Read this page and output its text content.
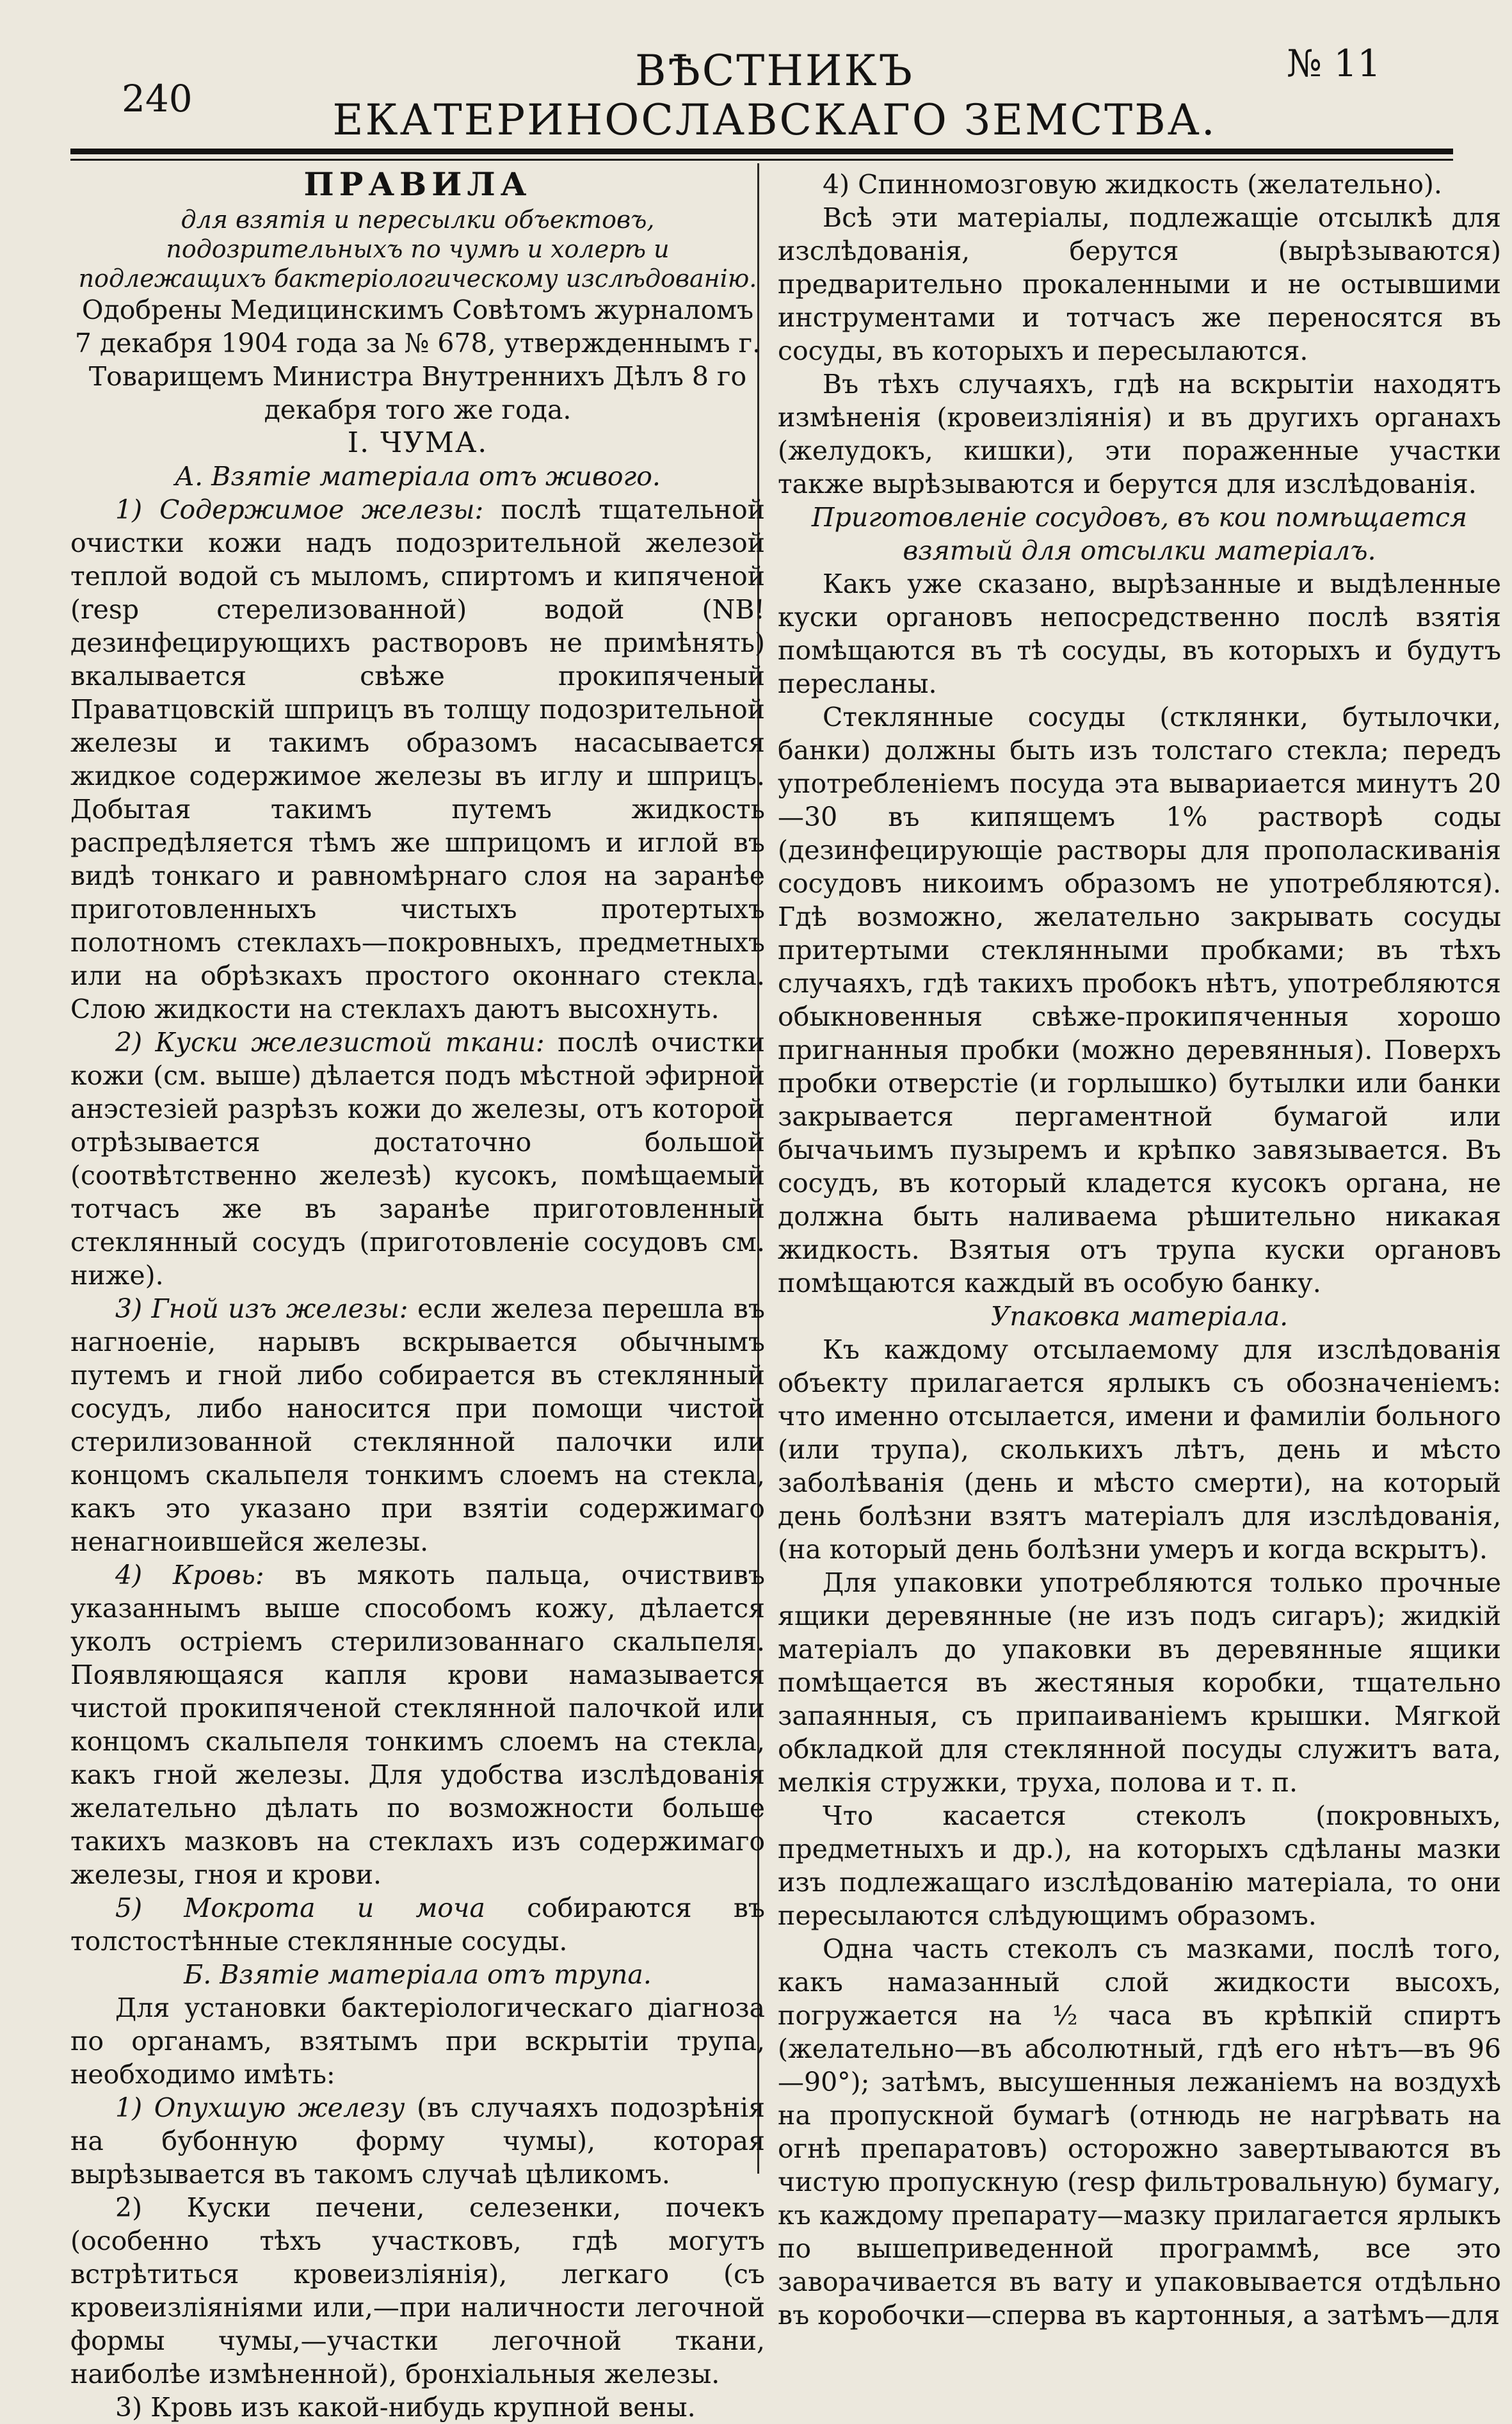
240
ВѢСТНИКЪ ЕКАТЕРИНОСЛАВСКАГО ЗЕМСТВА.
№ 11

ПРАВИЛА

для взятія и пересылки объектовъ, подозрительныхъ по чумѣ и холерѣ и подлежащихъ бактеріологическому изслѣдованію.

Одобрены Медицинскимъ Совѣтомъ журналомъ 7 декабря 1904 года за № 678, утвержденнымъ г. Товарищемъ Министра Внутреннихъ Дѣлъ 8 го декабря того же года.

I. ЧУМА.

А. Взятіе матеріала отъ живого.

1) Содержимое железы: послѣ тщательной очистки кожи надъ подозрительной железой теплой водой съ мыломъ, спиртомъ и кипяченой (resp стерелизованной) водой (NB! дезинфецирующихъ растворовъ не примѣнять) вкалывается свѣже прокипяченый Праватцовскій шприцъ въ толщу подозрительной железы и такимъ образомъ насасывается жидкое содержимое железы въ иглу и шприцъ. Добытая такимъ путемъ жидкость распредѣляется тѣмъ же шприцомъ и иглой въ видѣ тонкаго и равномѣрнаго слоя на заранѣе приготовленныхъ чистыхъ протертыхъ полотномъ стеклахъ—покровныхъ, предметныхъ или на обрѣзкахъ простого оконнаго стекла. Слою жидкости на стеклахъ даютъ высохнуть.

2) Куски железистой ткани: послѣ очистки кожи (см. выше) дѣлается подъ мѣстной эфирной анэстезіей разрѣзъ кожи до железы, отъ которой отрѣзывается достаточно большой (соотвѣтственно железѣ) кусокъ, помѣщаемый тотчасъ же въ заранѣе приготовленный стеклянный сосудъ (приготовленіе сосудовъ см. ниже).

3) Гной изъ железы: если железа перешла въ нагноеніе, нарывъ вскрывается обычнымъ путемъ и гной либо собирается въ стеклянный сосудъ, либо наносится при помощи чистой стерилизованной стеклянной палочки или концомъ скальпеля тонкимъ слоемъ на стекла, какъ это указано при взятіи содержимаго ненагноившейся железы.

4) Кровь: въ мякоть пальца, очиствивъ указаннымъ выше способомъ кожу, дѣлается уколъ остріемъ стерилизованнаго скальпеля. Появляющаяся капля крови намазывается чистой прокипяченой стеклянной палочкой или концомъ скальпеля тонкимъ слоемъ на стекла, какъ гной железы. Для удобства изслѣдованія желательно дѣлать по возможности больше такихъ мазковъ на стеклахъ изъ содержимаго железы, гноя и крови.

5) Мокрота и моча собираются въ толстостѣнные стеклянные сосуды.

Б. Взятіе матеріала отъ трупа.

Для установки бактеріологическаго діагноза по органамъ, взятымъ при вскрытіи трупа, необходимо имѣть:

1) Опухшую железу (въ случаяхъ подозрѣнія на бубонную форму чумы), которая вырѣзывается въ такомъ случаѣ цѣликомъ.

2) Куски печени, селезенки, почекъ (особенно тѣхъ участковъ, гдѣ могутъ встрѣтиться кровеизліянія), легкаго (съ кровеизліяніями или,—при наличности легочной формы чумы,—участки легочной ткани, наиболѣе измѣненной), бронхіальныя железы.

3) Кровь изъ какой-нибудь крупной вены.

4) Спинномозговую жидкость (желательно).

Всѣ эти матеріалы, подлежащіе отсылкѣ для изслѣдованія, берутся (вырѣзываются) предварительно прокаленными и не остывшими инструментами и тотчасъ же переносятся въ сосуды, въ которыхъ и пересылаются.

Въ тѣхъ случаяхъ, гдѣ на вскрытіи находятъ измѣненія (кровеизліянія) и въ другихъ органахъ (желудокъ, кишки), эти пораженные участки также вырѣзываются и берутся для изслѣдованія.

Приготовленіе сосудовъ, въ кои помѣщается взятый для отсылки матеріалъ.

Какъ уже сказано, вырѣзанные и выдѣленные куски органовъ непосредственно послѣ взятія помѣщаются въ тѣ сосуды, въ которыхъ и будутъ пересланы.

Стеклянные сосуды (стклянки, бутылочки, банки) должны быть изъ толстаго стекла; передъ употребленіемъ посуда эта вывариается минутъ 20—30 въ кипящемъ 1% растворѣ соды (дезинфецирующіе растворы для прополаскиванія сосудовъ никоимъ образомъ не употребляются). Гдѣ возможно, желательно закрывать сосуды притертыми стеклянными пробками; въ тѣхъ случаяхъ, гдѣ такихъ пробокъ нѣтъ, употребляются обыкновенныя свѣже-прокипяченныя хорошо пригнанныя пробки (можно деревянныя). Поверхъ пробки отверстіе (и горлышко) бутылки или банки закрывается пергаментной бумагой или бычачьимъ пузыремъ и крѣпко завязывается. Въ сосудъ, въ который кладется кусокъ органа, не должна быть наливаема рѣшительно никакая жидкость. Взятыя отъ трупа куски органовъ помѣщаются каждый въ особую банку.

Упаковка матеріала.

Къ каждому отсылаемому для изслѣдованія объекту прилагается ярлыкъ съ обозначеніемъ: что именно отсылается, имени и фамиліи больного (или трупа), сколькихъ лѣтъ, день и мѣсто заболѣванія (день и мѣсто смерти), на который день болѣзни взятъ матеріалъ для изслѣдованія, (на который день болѣзни умеръ и когда вскрытъ).

Для упаковки употребляются только прочные ящики деревянные (не изъ подъ сигаръ); жидкій матеріалъ до упаковки въ деревянные ящики помѣщается въ жестяныя коробки, тщательно запаянныя, съ припаиваніемъ крышки. Мягкой обкладкой для стеклянной посуды служитъ вата, мелкія стружки, труха, полова и т. п.

Что касается стеколъ (покровныхъ, предметныхъ и др.), на которыхъ сдѣланы мазки изъ подлежащаго изслѣдованію матеріала, то они пересылаются слѣдующимъ образомъ.

Одна часть стеколъ съ мазками, послѣ того, какъ намазанный слой жидкости высохъ, погружается на ½ часа въ крѣпкій спиртъ (желательно—въ абсолютный, гдѣ его нѣтъ—въ 96—90°); затѣмъ, высушенныя лежаніемъ на воздухѣ на пропускной бумагѣ (отнюдь не нагрѣвать на огнѣ препаратовъ) осторожно завертываются въ чистую пропускную (resp фильтровальную) бумагу, къ каждому препарату—мазку прилагается ярлыкъ по вышеприведенной программѣ, все это заворачивается въ вату и упаковывается отдѣльно въ коробочки—сперва въ картонныя, а затѣмъ—для
